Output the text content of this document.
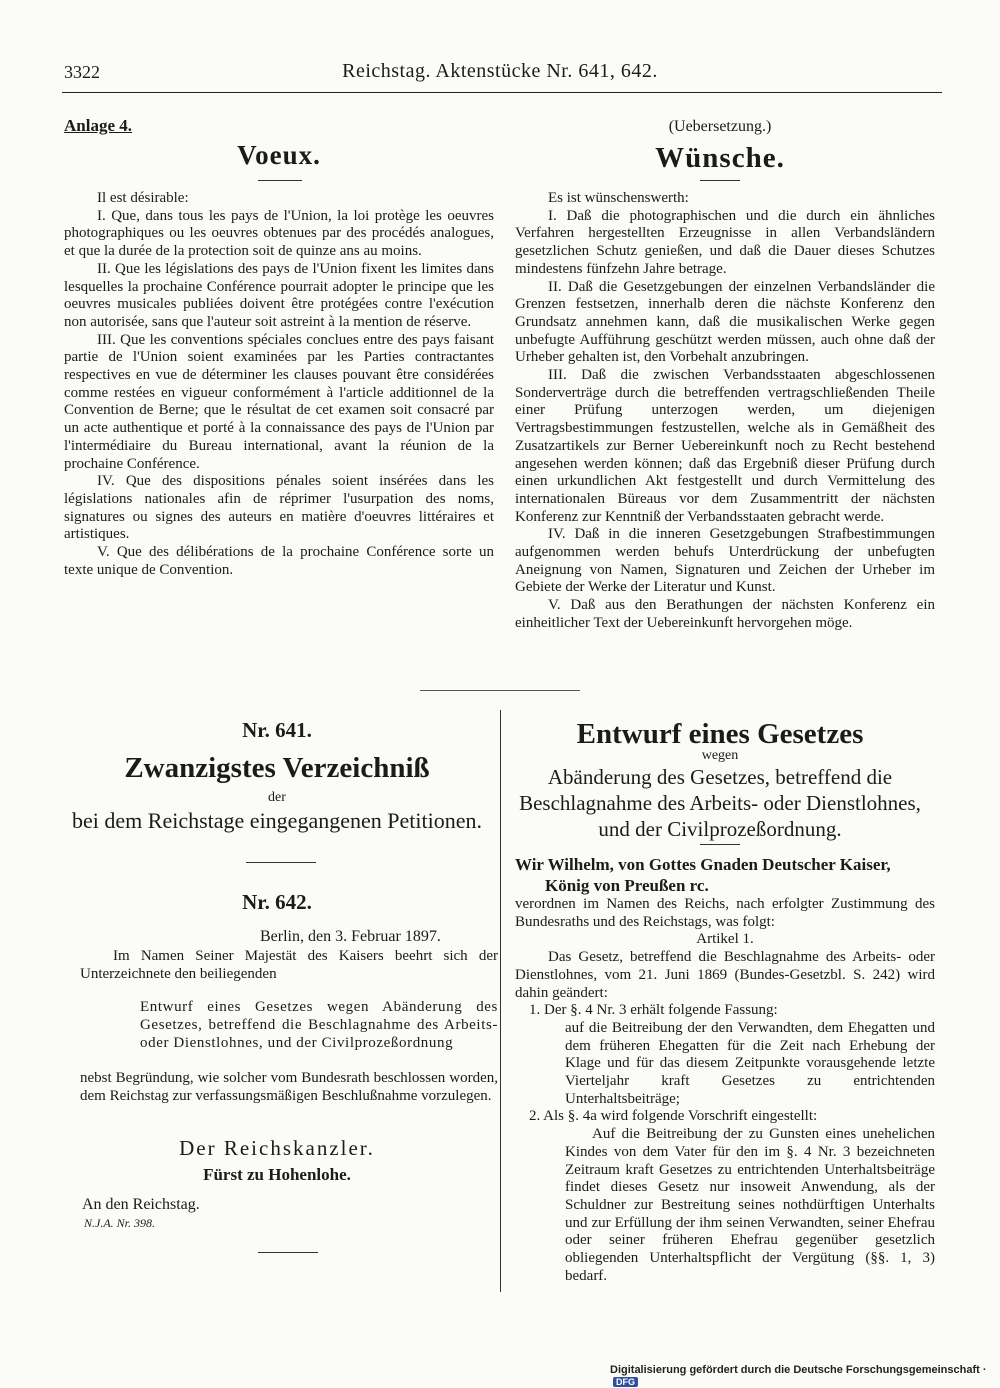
3322	Reichstag. Aktenstücke Nr. 641, 642.
Anlage 4.
Voeux.

Il est désirable:

I. Que, dans tous les pays de l'Union, la loi protège les oeuvres photographiques ou les oeuvres obtenues par des procédés analogues, et que la durée de la protection soit de quinze ans au moins.

II. Que les législations des pays de l'Union fixent les limites dans lesquelles la prochaine Conférence pourrait adopter le principe que les oeuvres musicales publiées doivent être protégées contre l'exécution non autorisée, sans que l'auteur soit astreint à la mention de réserve.

III. Que les conventions spéciales conclues entre des pays faisant partie de l'Union soient examinées par les Parties contractantes respectives en vue de déterminer les clauses pouvant être considérées comme restées en vigueur conformément à l'article additionnel de la Convention de Berne; que le résultat de cet examen soit consacré par un acte authentique et porté à la connaissance des pays de l'Union par l'intermédiaire du Bureau international, avant la réunion de la prochaine Conférence.

IV. Que des dispositions pénales soient insérées dans les législations nationales afin de réprimer l'usurpation des noms, signatures ou signes des auteurs en matière d'oeuvres littéraires et artistiques.

V. Que des délibérations de la prochaine Conférence sorte un texte unique de Convention.

(Uebersetzung.)
Wünsche.

Es ist wünschenswerth:

I. Daß die photographischen und die durch ein ähnliches Verfahren hergestellten Erzeugnisse in allen Verbandsländern gesetzlichen Schutz genießen, und daß die Dauer dieses Schutzes mindestens fünfzehn Jahre betrage.

II. Daß die Gesetzgebungen der einzelnen Verbandsländer die Grenzen festsetzen, innerhalb deren die nächste Konferenz den Grundsatz annehmen kann, daß die musikalischen Werke gegen unbefugte Aufführung geschützt werden müssen, auch ohne daß der Urheber gehalten ist, den Vorbehalt anzubringen.

III. Daß die zwischen Verbandsstaaten abgeschlossenen Sonderverträge durch die betreffenden vertragschließenden Theile einer Prüfung unterzogen werden, um diejenigen Vertragsbestimmungen festzustellen, welche als in Gemäßheit des Zusatzartikels zur Berner Uebereinkunft noch zu Recht bestehend angesehen werden können; daß das Ergebniß dieser Prüfung durch einen urkundlichen Akt festgestellt und durch Vermittelung des internationalen Büreaus vor dem Zusammentritt der nächsten Konferenz zur Kenntniß der Verbandsstaaten gebracht werde.

IV. Daß in die inneren Gesetzgebungen Strafbestimmungen aufgenommen werden behufs Unterdrückung der unbefugten Aneignung von Namen, Signaturen und Zeichen der Urheber im Gebiete der Werke der Literatur und Kunst.

V. Daß aus den Berathungen der nächsten Konferenz ein einheitlicher Text der Uebereinkunft hervorgehen möge.

Nr. 641.
Zwanzigstes Verzeichniß
der
bei dem Reichstage eingegangenen Petitionen.
Nr. 642.
Berlin, den 3. Februar 1897.

Im Namen Seiner Majestät des Kaisers beehrt sich der Unterzeichnete den beiliegenden

Entwurf eines Gesetzes wegen Abänderung des Gesetzes, betreffend die Beschlagnahme des Arbeits- oder Dienstlohnes, und der Civilprozeßordnung

nebst Begründung, wie solcher vom Bundesrath beschlossen worden, dem Reichstag zur verfassungsmäßigen Beschlußnahme vorzulegen.

Der Reichskanzler.
Fürst zu Hohenlohe.
An den Reichstag.
N.J.A. Nr. 398.
Entwurf eines Gesetzes
wegen
Abänderung des Gesetzes, betreffend die Beschlagnahme des Arbeits- oder Dienstlohnes, und der Civilprozeßordnung.
Wir Wilhelm, von Gottes Gnaden Deutscher Kaiser,
König von Preußen rc.

verordnen im Namen des Reichs, nach erfolgter Zustimmung des Bundesraths und des Reichstags, was folgt:

Artikel 1.

Das Gesetz, betreffend die Beschlagnahme des Arbeits- oder Dienstlohnes, vom 21. Juni 1869 (Bundes-Gesetzbl. S. 242) wird dahin geändert:

1. Der §. 4 Nr. 3 erhält folgende Fassung:

auf die Beitreibung der den Verwandten, dem Ehegatten und dem früheren Ehegatten für die Zeit nach Erhebung der Klage und für das diesem Zeitpunkte vorausgehende letzte Vierteljahr kraft Gesetzes zu entrichtenden Unterhaltsbeiträge;

2. Als §. 4a wird folgende Vorschrift eingestellt:

Auf die Beitreibung der zu Gunsten eines unehelichen Kindes von dem Vater für den im §. 4 Nr. 3 bezeichneten Zeitraum kraft Gesetzes zu entrichtenden Unterhaltsbeiträge findet dieses Gesetz nur insoweit Anwendung, als der Schuldner zur Bestreitung seines nothdürftigen Unterhalts und zur Erfüllung der ihm seinen Verwandten, seiner Ehefrau oder seiner früheren Ehefrau gegenüber gesetzlich obliegenden Unterhaltspflicht der Vergütung (§§. 1, 3) bedarf.

Digitalisierung gefördert durch die Deutsche Forschungsgemeinschaft ·DFG
